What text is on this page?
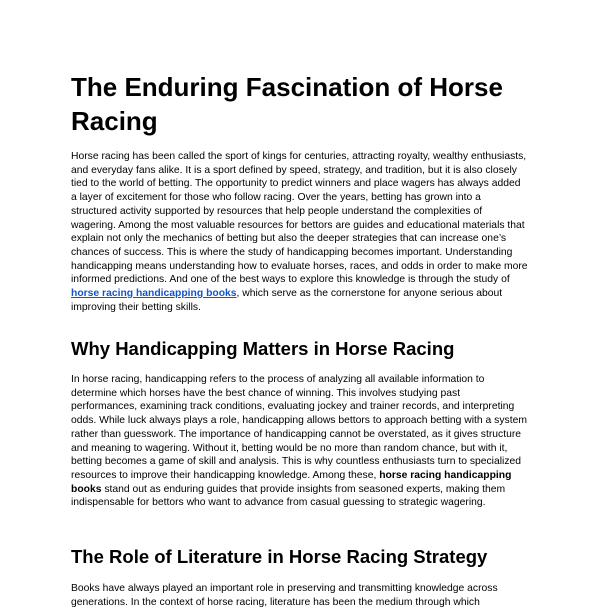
The Enduring Fascination of Horse Racing

Horse racing has been called the sport of kings for centuries, attracting royalty, wealthy enthusiasts, and everyday fans alike. It is a sport defined by speed, strategy, and tradition, but it is also closely tied to the world of betting. The opportunity to predict winners and place wagers has always added a layer of excitement for those who follow racing. Over the years, betting has grown into a structured activity supported by resources that help people understand the complexities of wagering. Among the most valuable resources for bettors are guides and educational materials that explain not only the mechanics of betting but also the deeper strategies that can increase one’s chances of success. This is where the study of handicapping becomes important. Understanding handicapping means understanding how to evaluate horses, races, and odds in order to make more informed predictions. And one of the best ways to explore this knowledge is through the study of horse racing handicapping books, which serve as the cornerstone for anyone serious about improving their betting skills.

Why Handicapping Matters in Horse Racing

In horse racing, handicapping refers to the process of analyzing all available information to determine which horses have the best chance of winning. This involves studying past performances, examining track conditions, evaluating jockey and trainer records, and interpreting odds. While luck always plays a role, handicapping allows bettors to approach betting with a system rather than guesswork. The importance of handicapping cannot be overstated, as it gives structure and meaning to wagering. Without it, betting would be no more than random chance, but with it, betting becomes a game of skill and analysis. This is why countless enthusiasts turn to specialized resources to improve their handicapping knowledge. Among these, horse racing handicapping books stand out as enduring guides that provide insights from seasoned experts, making them indispensable for bettors who want to advance from casual guessing to strategic wagering.

The Role of Literature in Horse Racing Strategy

Books have always played an important role in preserving and transmitting knowledge across generations. In the context of horse racing, literature has been the medium through which
